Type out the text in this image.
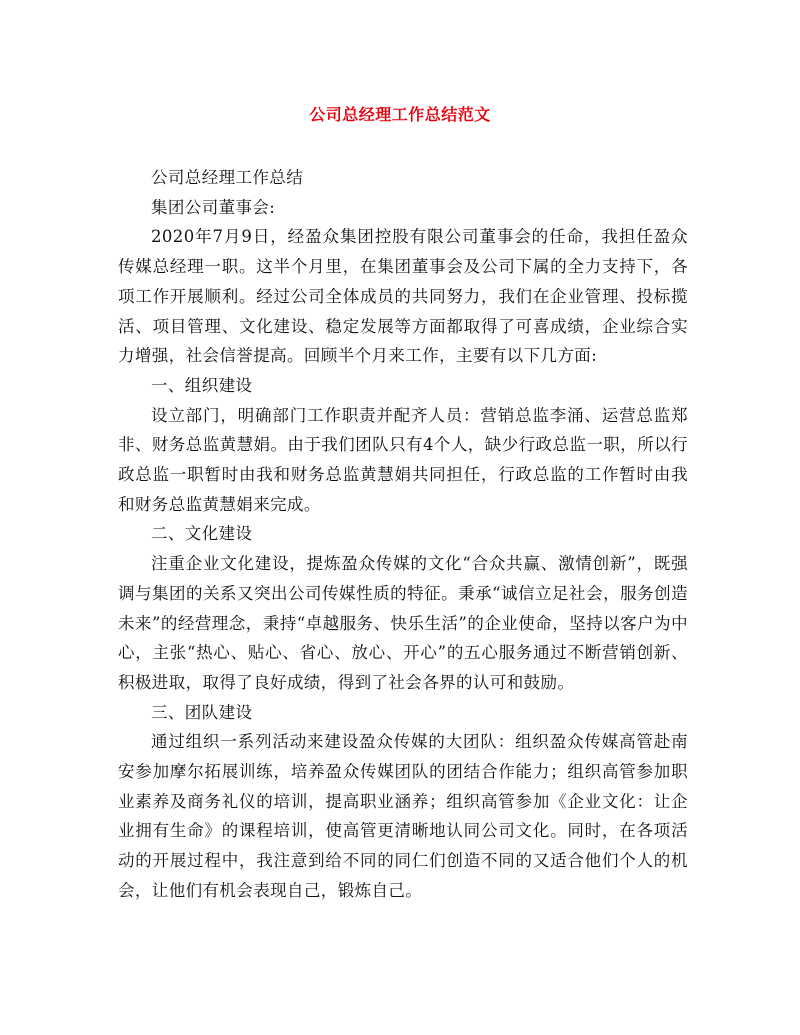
公司总经理工作总结范文

公司总经理工作总结

集团公司董事会:

2020年7月9日，经盈众集团控股有限公司董事会的任命，我担任盈众传媒总经理一职。这半个月里，在集团董事会及公司下属的全力支持下，各项工作开展顺利。经过公司全体成员的共同努力，我们在企业管理、投标揽活、项目管理、文化建设、稳定发展等方面都取得了可喜成绩，企业综合实力增强，社会信誉提高。回顾半个月来工作，主要有以下几方面:

一、组织建设

设立部门，明确部门工作职责并配齐人员：营销总监李涌、运营总监郑非、财务总监黄慧娟。由于我们团队只有4个人，缺少行政总监一职，所以行政总监一职暂时由我和财务总监黄慧娟共同担任，行政总监的工作暂时由我和财务总监黄慧娟来完成。

二、文化建设

注重企业文化建设，提炼盈众传媒的文化“合众共赢、激情创新”，既强调与集团的关系又突出公司传媒性质的特征。秉承“诚信立足社会，服务创造未来”的经营理念，秉持“卓越服务、快乐生活”的企业使命，坚持以客户为中心，主张“热心、贴心、省心、放心、开心”的五心服务通过不断营销创新、积极进取，取得了良好成绩，得到了社会各界的认可和鼓励。

三、团队建设

通过组织一系列活动来建设盈众传媒的大团队：组织盈众传媒高管赴南安参加摩尔拓展训练，培养盈众传媒团队的团结合作能力；组织高管参加职业素养及商务礼仪的培训，提高职业涵养；组织高管参加《企业文化：让企业拥有生命》的课程培训，使高管更清晰地认同公司文化。同时，在各项活动的开展过程中，我注意到给不同的同仁们创造不同的又适合他们个人的机会，让他们有机会表现自己，锻炼自己。
